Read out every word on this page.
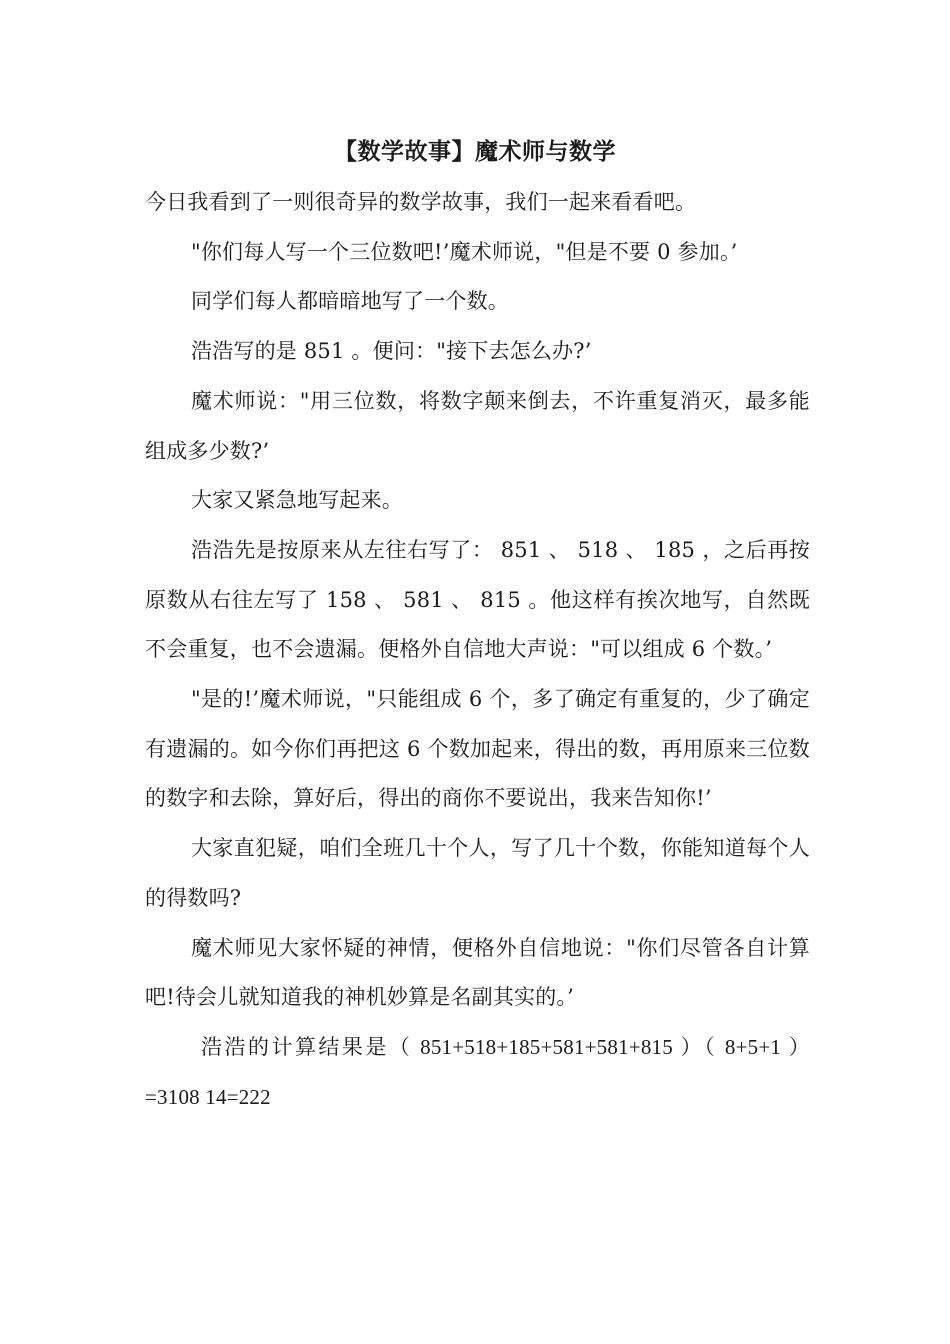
【数学故事】魔术师与数学

今日我看到了一则很奇异的数学故事，我们一起来看看吧。

"你们每人写一个三位数吧!’魔术师说，"但是不要 0 参加。’

同学们每人都暗暗地写了一个数。

浩浩写的是 851 。便问："接下去怎么办?’

魔术师说："用三位数，将数字颠来倒去，不许重复消灭，最多能组成多少数?’

大家又紧急地写起来。

浩浩先是按原来从左往右写了： 851 、 518 、 185 ，之后再按原数从右往左写了 158 、 581 、 815 。他这样有挨次地写，自然既不会重复，也不会遗漏。便格外自信地大声说："可以组成 6 个数。’

"是的!’魔术师说，"只能组成 6 个，多了确定有重复的，少了确定有遗漏的。如今你们再把这 6 个数加起来，得出的数，再用原来三位数的数字和去除，算好后，得出的商你不要说出，我来告知你!’

大家直犯疑，咱们全班几十个人，写了几十个数，你能知道每个人的得数吗?

魔术师见大家怀疑的神情，便格外自信地说："你们尽管各自计算吧!待会儿就知道我的神机妙算是名副其实的。’

浩浩的计算结果是（ 851+518+185+581+581+815 ）（ 8+5+1 ）=3108 14=222
